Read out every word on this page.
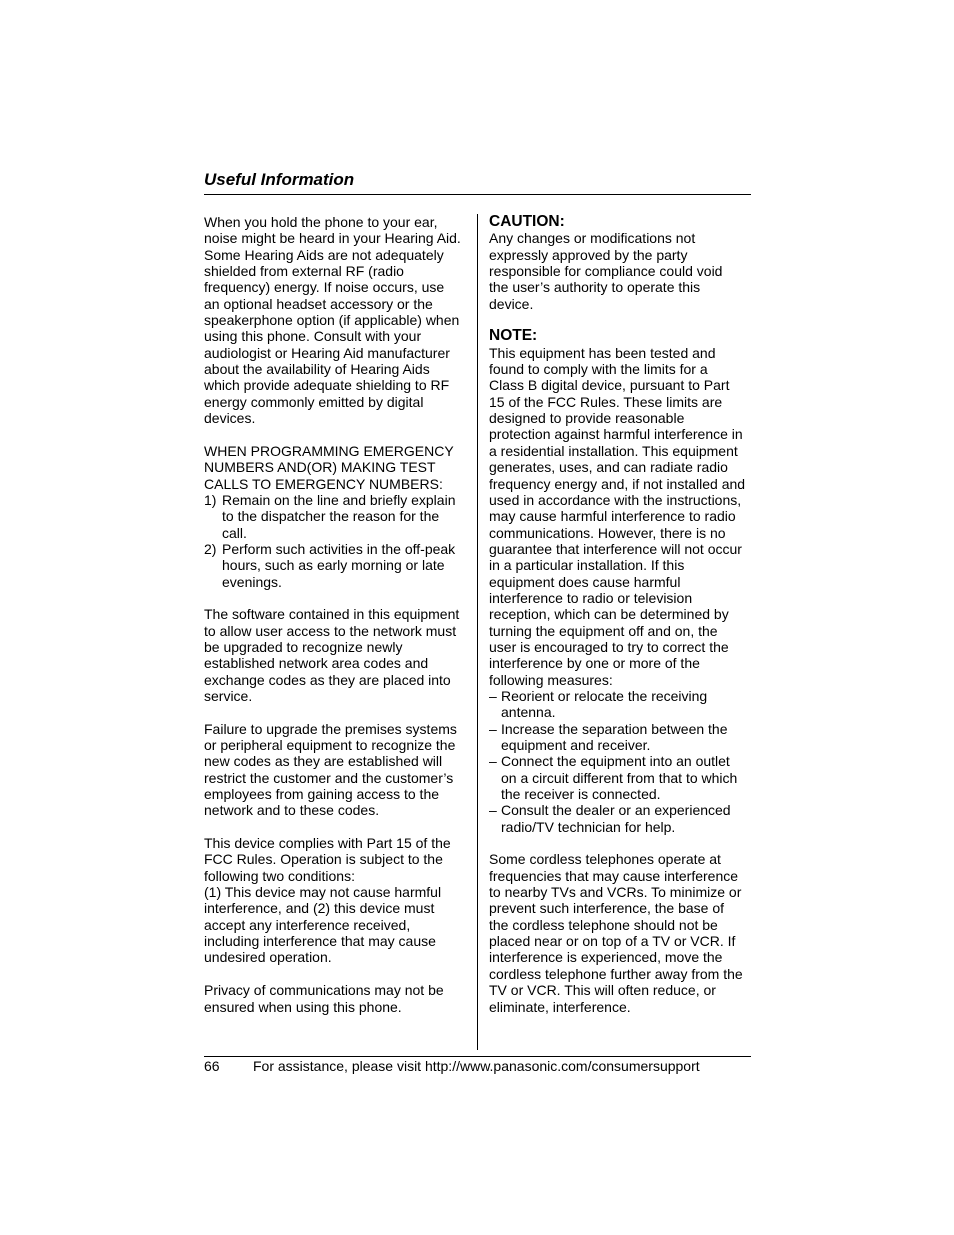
Useful Information
When you hold the phone to your ear,
noise might be heard in your Hearing Aid.
Some Hearing Aids are not adequately
shielded from external RF (radio
frequency) energy. If noise occurs, use
an optional headset accessory or the
speakerphone option (if applicable) when
using this phone. Consult with your
audiologist or Hearing Aid manufacturer
about the availability of Hearing Aids
which provide adequate shielding to RF
energy commonly emitted by digital
devices.
WHEN PROGRAMMING EMERGENCY
NUMBERS AND(OR) MAKING TEST
CALLS TO EMERGENCY NUMBERS:
1) Remain on the line and briefly explain
to the dispatcher the reason for the
call.
2) Perform such activities in the off-peak
hours, such as early morning or late
evenings.
The software contained in this equipment
to allow user access to the network must
be upgraded to recognize newly
established network area codes and
exchange codes as they are placed into
service.
Failure to upgrade the premises systems
or peripheral equipment to recognize the
new codes as they are established will
restrict the customer and the customer’s
employees from gaining access to the
network and to these codes.
This device complies with Part 15 of the
FCC Rules. Operation is subject to the
following two conditions:
(1) This device may not cause harmful
interference, and (2) this device must
accept any interference received,
including interference that may cause
undesired operation.
Privacy of communications may not be
ensured when using this phone.
CAUTION:
Any changes or modifications not
expressly approved by the party
responsible for compliance could void
the user’s authority to operate this
device.
NOTE:
This equipment has been tested and
found to comply with the limits for a
Class B digital device, pursuant to Part
15 of the FCC Rules. These limits are
designed to provide reasonable
protection against harmful interference in
a residential installation. This equipment
generates, uses, and can radiate radio
frequency energy and, if not installed and
used in accordance with the instructions,
may cause harmful interference to radio
communications. However, there is no
guarantee that interference will not occur
in a particular installation. If this
equipment does cause harmful
interference to radio or television
reception, which can be determined by
turning the equipment off and on, the
user is encouraged to try to correct the
interference by one or more of the
following measures:
– Reorient or relocate the receiving
antenna.
– Increase the separation between the
equipment and receiver.
– Connect the equipment into an outlet
on a circuit different from that to which
the receiver is connected.
– Consult the dealer or an experienced
radio/TV technician for help.
Some cordless telephones operate at
frequencies that may cause interference
to nearby TVs and VCRs. To minimize or
prevent such interference, the base of
the cordless telephone should not be
placed near or on top of a TV or VCR. If
interference is experienced, move the
cordless telephone further away from the
TV or VCR. This will often reduce, or
eliminate, interference.
66 For assistance, please visit http://www.panasonic.com/consumersupport
